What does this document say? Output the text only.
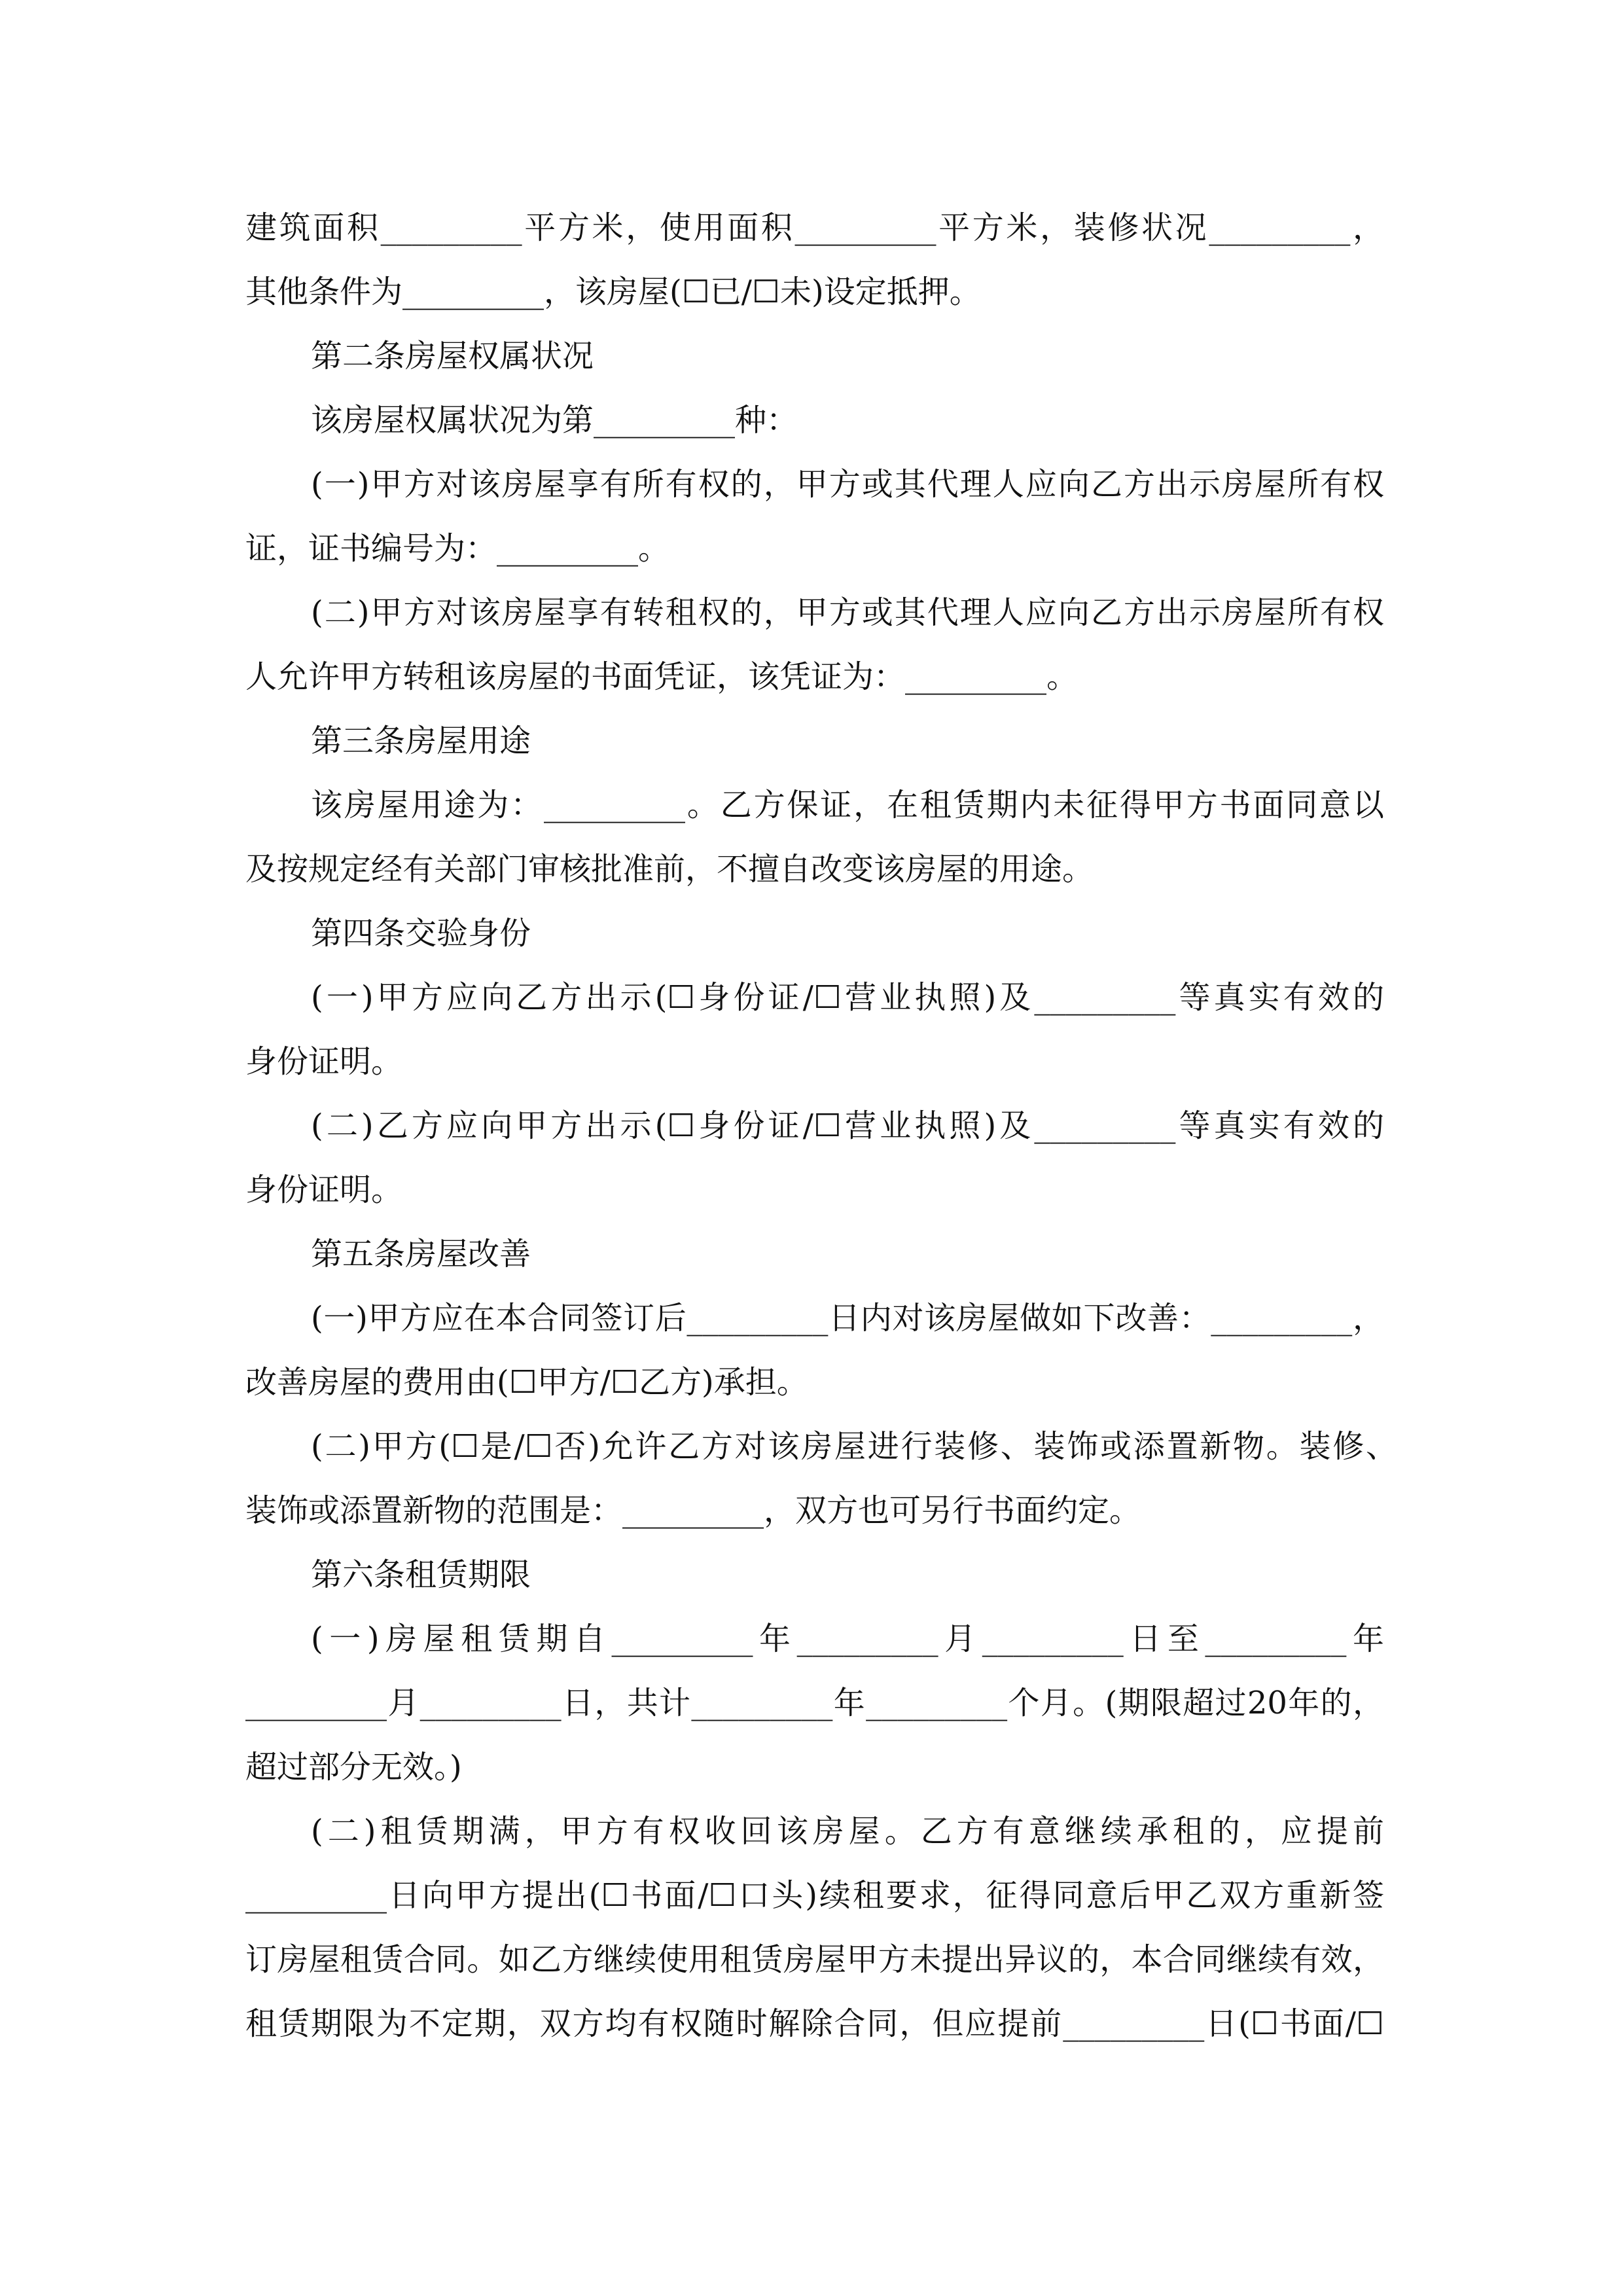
建筑面积_________平方米，使用面积_________平方米，装修状况_________，
其他条件为_________，该房屋(☐已/☐未)设定抵押。
第二条房屋权属状况
该房屋权属状况为第_________种：
(一)甲方对该房屋享有所有权的，甲方或其代理人应向乙方出示房屋所有权
证，证书编号为：_________。
(二)甲方对该房屋享有转租权的，甲方或其代理人应向乙方出示房屋所有权
人允许甲方转租该房屋的书面凭证，该凭证为：_________。
第三条房屋用途
该房屋用途为：_________。乙方保证，在租赁期内未征得甲方书面同意以
及按规定经有关部门审核批准前，不擅自改变该房屋的用途。
第四条交验身份
(一)甲方应向乙方出示(☐身份证/☐营业执照)及_________等真实有效的
身份证明。
(二)乙方应向甲方出示(☐身份证/☐营业执照)及_________等真实有效的
身份证明。
第五条房屋改善
(一)甲方应在本合同签订后_________日内对该房屋做如下改善：_________，
改善房屋的费用由(☐甲方/☐乙方)承担。
(二)甲方(☐是/☐否)允许乙方对该房屋进行装修、装饰或添置新物。装修、
装饰或添置新物的范围是：_________，双方也可另行书面约定。
第六条租赁期限
(一)房屋租赁期自_________年_________月_________日至_________年
_________月_________日，共计_________年_________个月。(期限超过20年的，
超过部分无效。)
(二)租赁期满，甲方有权收回该房屋。乙方有意继续承租的，应提前
_________日向甲方提出(☐书面/☐口头)续租要求，征得同意后甲乙双方重新签
订房屋租赁合同。如乙方继续使用租赁房屋甲方未提出异议的，本合同继续有效，
租赁期限为不定期，双方均有权随时解除合同，但应提前_________日(☐书面/☐
